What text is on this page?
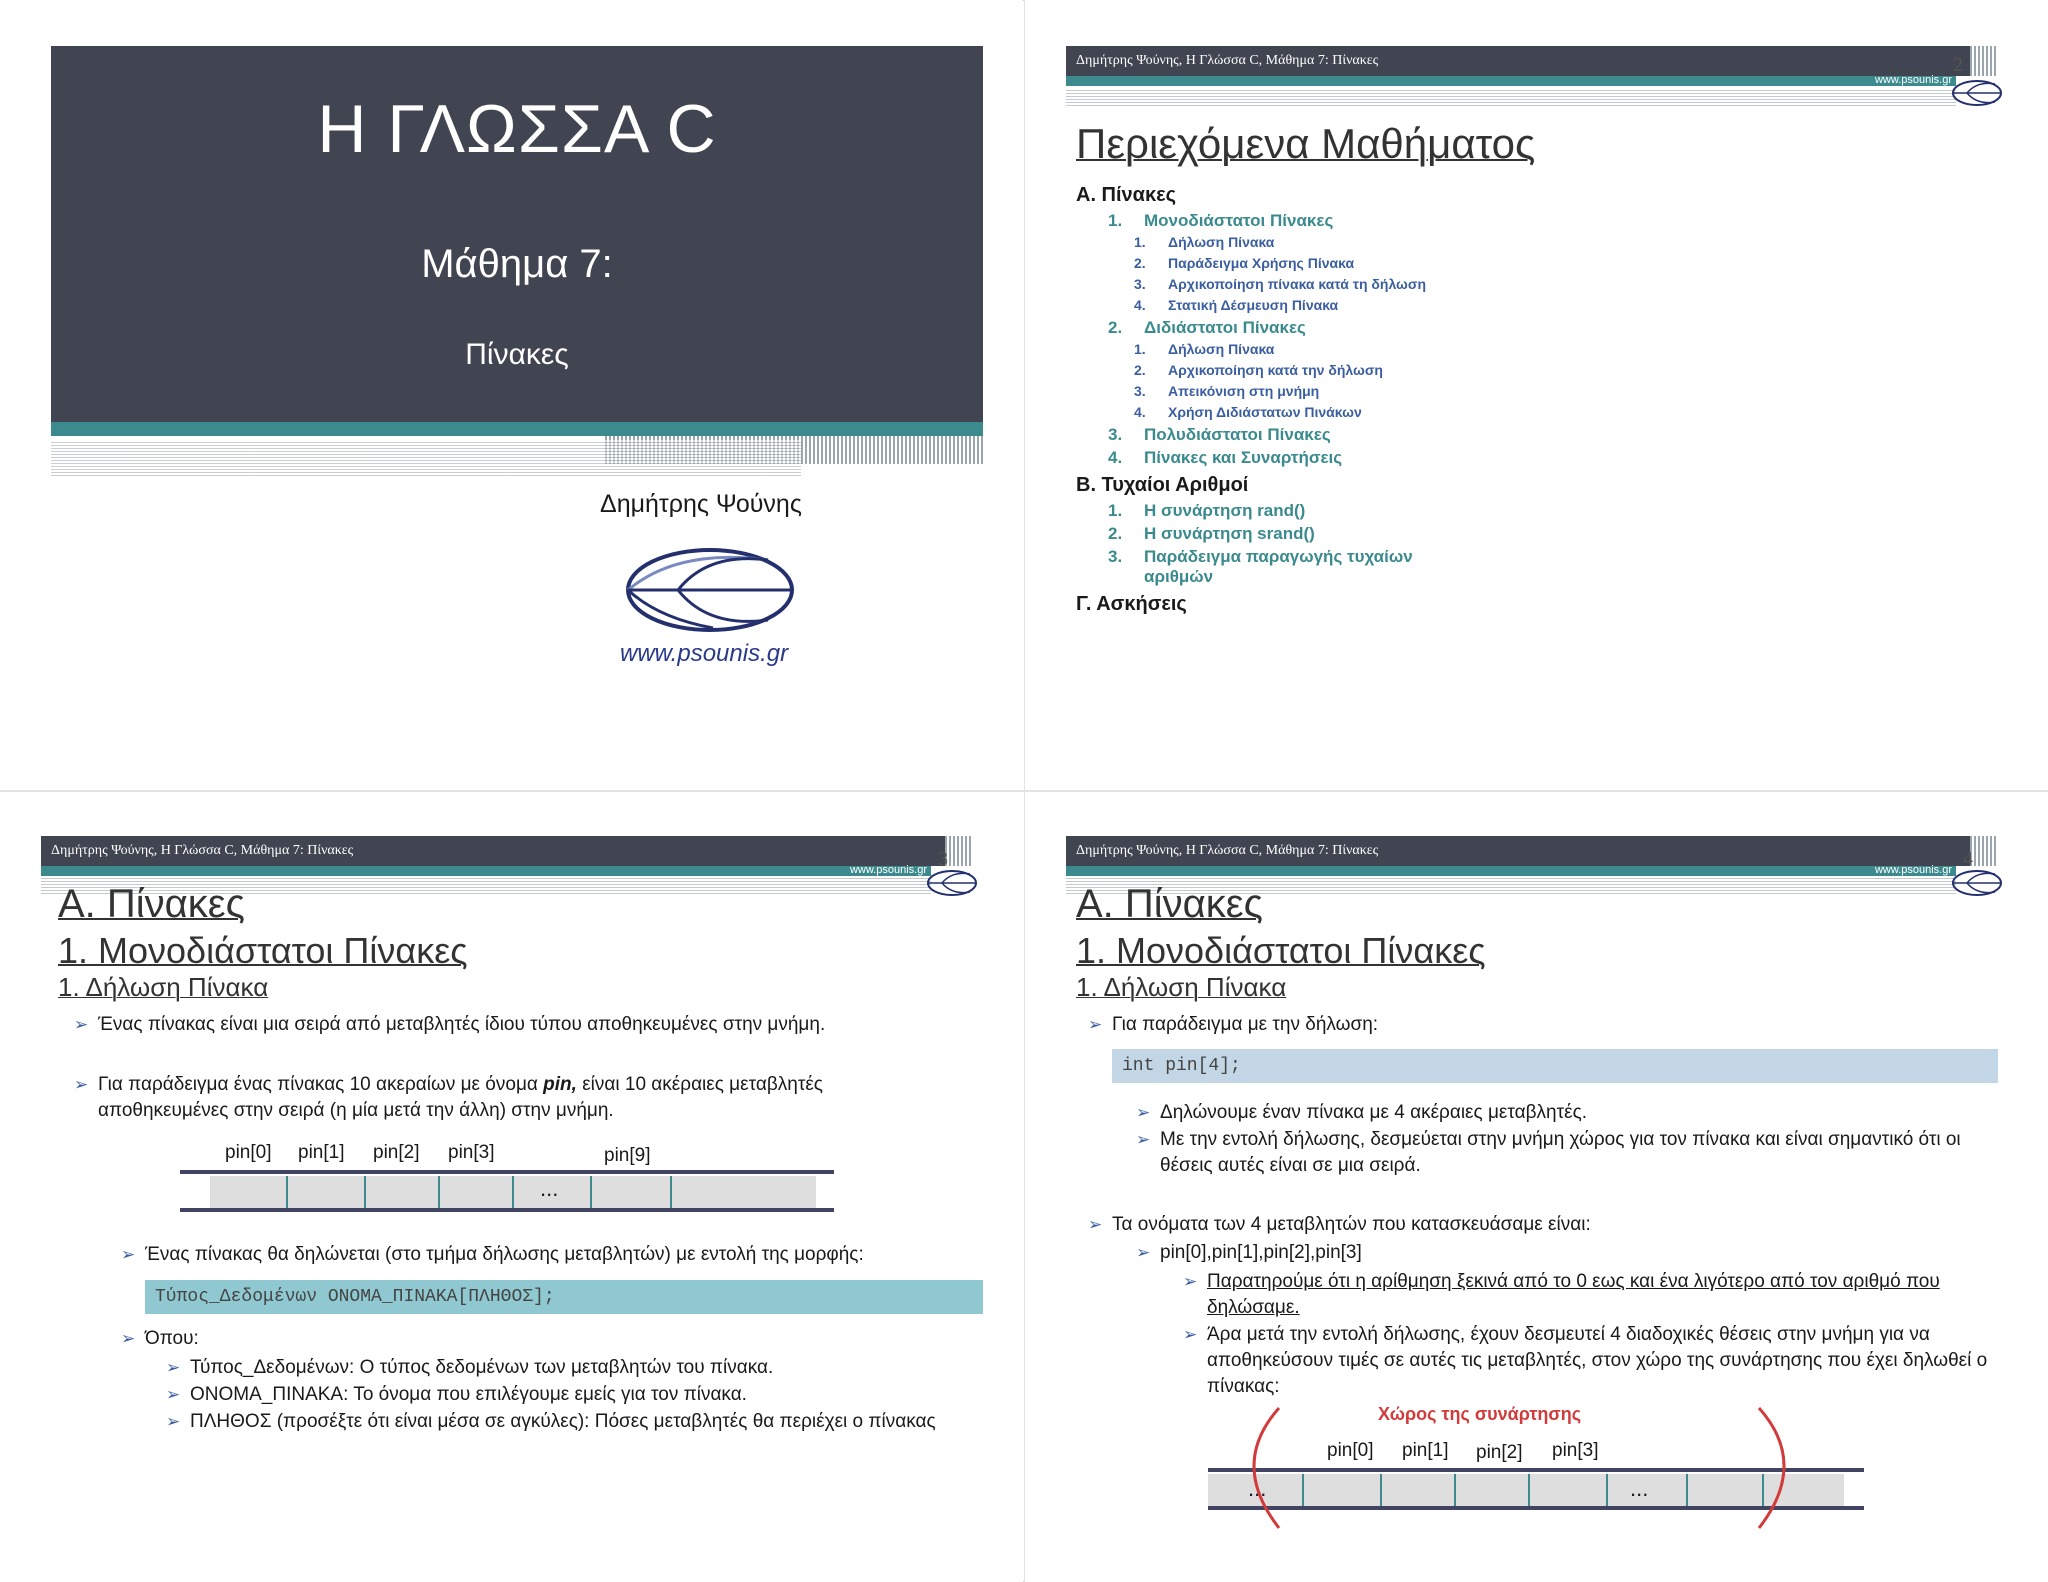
Η ΓΛΩΣΣΑ C
Μάθημα 7:
Πίνακες
Δημήτρης Ψούνης
www.psounis.gr
Δημήτρης Ψούνης, Η Γλώσσα C, Μάθημα 7: Πίνακες
www.psounis.gr
2
Περιεχόμενα Μαθήματος
Α. Πίνακες
1.	Μονοδιάστατοι Πίνακες
1.	Δήλωση Πίνακα
2.	Παράδειγμα Χρήσης Πίνακα
3.	Αρχικοποίηση πίνακα κατά τη δήλωση
4.	Στατική Δέσμευση Πίνακα
2.	Διδιάστατοι Πίνακες
1.	Δήλωση Πίνακα
2.	Αρχικοποίηση κατά την δήλωση
3.	Απεικόνιση στη μνήμη
4.	Χρήση Διδιάστατων Πινάκων
3.	Πολυδιάστατοι Πίνακες
4.	Πίνακες και Συναρτήσεις
Β. Τυχαίοι Αριθμοί
1.	Η συνάρτηση rand()
2.	Η συνάρτηση srand()
3.	Παράδειγμα παραγωγής τυχαίων αριθμών
Γ. Ασκήσεις
Δημήτρης Ψούνης, Η Γλώσσα C, Μάθημα 7: Πίνακες
www.psounis.gr 3
Α. Πίνακες
1. Μονοδιάστατοι Πίνακες
1. Δήλωση Πίνακα
➢ Ένας πίνακας είναι μια σειρά από μεταβλητές ίδιου τύπου αποθηκευμένες στην μνήμη.
➢ Για παράδειγμα ένας πίνακας 10 ακεραίων με όνομα pin, είναι 10 ακέραιες μεταβλητές αποθηκευμένες στην σειρά (η μία μετά την άλλη) στην μνήμη.
pin[0] pin[1] pin[2] pin[3]	pin[9]
...
➢ Ένας πίνακας θα δηλώνεται (στο τμήμα δήλωσης μεταβλητών) με εντολή της μορφής:
Τύπος_Δεδομένων ΟΝΟΜΑ_ΠΙΝΑΚΑ[ΠΛΗΘΟΣ];
➢ Όπου:
➢ Τύπος_Δεδομένων: Ο τύπος δεδομένων των μεταβλητών του πίνακα.
➢ ΟΝΟΜΑ_ΠΙΝΑΚΑ: Το όνομα που επιλέγουμε εμείς για τον πίνακα.
➢ ΠΛΗΘΟΣ (προσέξτε ότι είναι μέσα σε αγκύλες): Πόσες μεταβλητές θα περιέχει ο πίνακας
Δημήτρης Ψούνης, Η Γλώσσα C, Μάθημα 7: Πίνακες
www.psounis.gr 4
Α. Πίνακες
1. Μονοδιάστατοι Πίνακες
1. Δήλωση Πίνακα
➢ Για παράδειγμα με την δήλωση:
int pin[4];
➢ Δηλώνουμε έναν πίνακα με 4 ακέραιες μεταβλητές.
➢ Με την εντολή δήλωσης, δεσμεύεται στην μνήμη χώρος για τον πίνακα και είναι σημαντικό ότι οι θέσεις αυτές είναι σε μια σειρά.
➢ Τα ονόματα των 4 μεταβλητών που κατασκευάσαμε είναι:
➢ pin[0],pin[1],pin[2],pin[3]
➢ Παρατηρούμε ότι η αρίθμηση ξεκινά από το 0 εως και ένα λιγότερο από τον αριθμό που δηλώσαμε.
➢ Άρα μετά την εντολή δήλωσης, έχουν δεσμευτεί 4 διαδοχικές θέσεις στην μνήμη για να αποθηκεύσουν τιμές σε αυτές τις μεταβλητές, στον χώρο της συνάρτησης που έχει δηλωθεί ο πίνακας:
Χώρος της συνάρτησης
pin[0] pin[1] pin[2] pin[3]
...	...
